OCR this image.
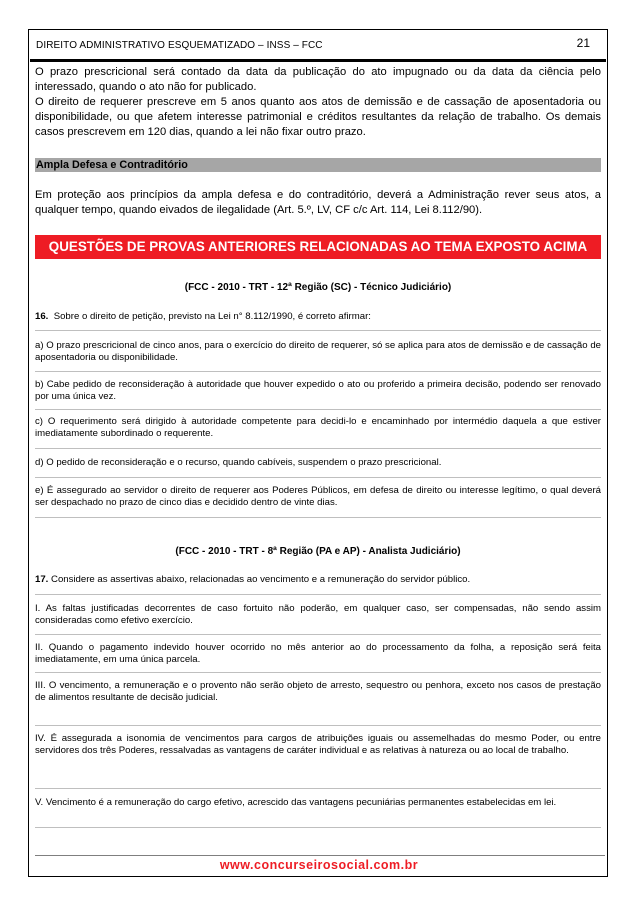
DIREITO ADMINISTRATIVO ESQUEMATIZADO – INSS – FCC	21
O prazo prescricional será contado da data da publicação do ato impugnado ou da data da ciência pelo interessado, quando o ato não for publicado.
O direito de requerer prescreve em 5 anos quanto aos atos de demissão e de cassação de aposentadoria ou disponibilidade, ou que afetem interesse patrimonial e créditos resultantes da relação de trabalho. Os demais casos prescrevem em 120 dias, quando a lei não fixar outro prazo.
Ampla Defesa e Contraditório
Em proteção aos princípios da ampla defesa e do contraditório, deverá a Administração rever seus atos, a qualquer tempo, quando eivados de ilegalidade (Art. 5.º, LV, CF c/c Art. 114, Lei 8.112/90).
QUESTÕES DE PROVAS ANTERIORES RELACIONADAS AO TEMA EXPOSTO ACIMA
(FCC - 2010 - TRT - 12ª Região (SC) - Técnico Judiciário)
16. Sobre o direito de petição, previsto na Lei n° 8.112/1990, é correto afirmar:
a) O prazo prescricional de cinco anos, para o exercício do direito de requerer, só se aplica para atos de demissão e de cassação de aposentadoria ou disponibilidade.
b) Cabe pedido de reconsideração à autoridade que houver expedido o ato ou proferido a primeira decisão, podendo ser renovado por uma única vez.
c) O requerimento será dirigido à autoridade competente para decidi-lo e encaminhado por intermédio daquela a que estiver imediatamente subordinado o requerente.
d) O pedido de reconsideração e o recurso, quando cabíveis, suspendem o prazo prescricional.
e) É assegurado ao servidor o direito de requerer aos Poderes Públicos, em defesa de direito ou interesse legítimo, o qual deverá ser despachado no prazo de cinco dias e decidido dentro de vinte dias.
(FCC - 2010 - TRT - 8ª Região (PA e AP) - Analista Judiciário)
17. Considere as assertivas abaixo, relacionadas ao vencimento e a remuneração do servidor público.
I. As faltas justificadas decorrentes de caso fortuito não poderão, em qualquer caso, ser compensadas, não sendo assim consideradas como efetivo exercício.
II. Quando o pagamento indevido houver ocorrido no mês anterior ao do processamento da folha, a reposição será feita imediatamente, em uma única parcela.
III. O vencimento, a remuneração e o provento não serão objeto de arresto, sequestro ou penhora, exceto nos casos de prestação de alimentos resultante de decisão judicial.
IV. É assegurada a isonomia de vencimentos para cargos de atribuições iguais ou assemelhadas do mesmo Poder, ou entre servidores dos três Poderes, ressalvadas as vantagens de caráter individual e as relativas à natureza ou ao local de trabalho.
V. Vencimento é a remuneração do cargo efetivo, acrescido das vantagens pecuniárias permanentes estabelecidas em lei.
www.concurseirosocial.com.br
